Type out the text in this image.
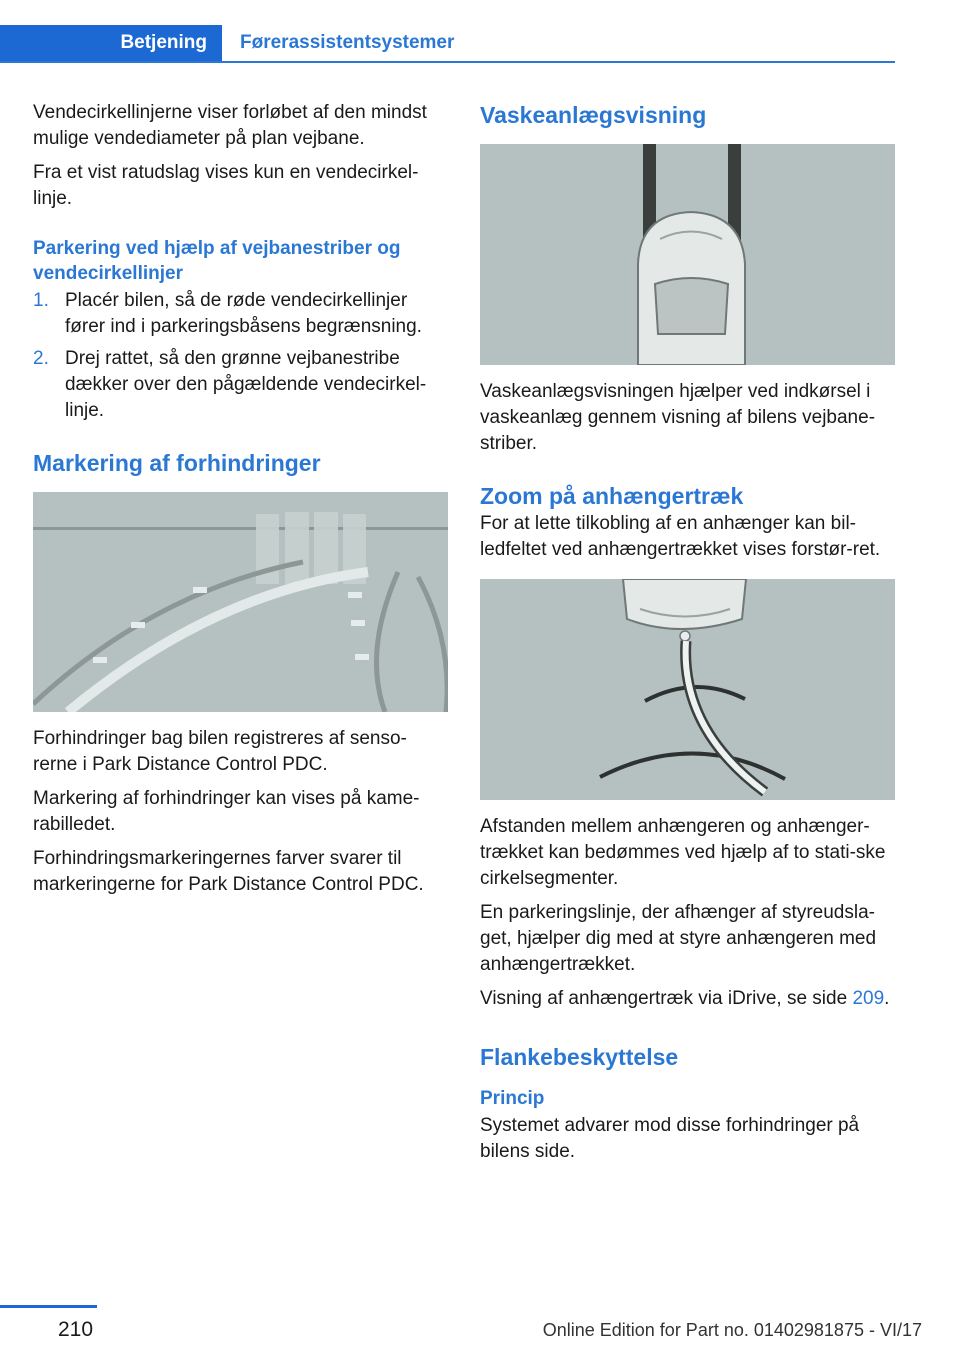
Betjening	Førerassistentsystemer

Vendecirkellinjerne viser forløbet af den mindst mulige vendediameter på plan vejbane.

Fra et vist ratudslag vises kun en vendecirkel-linje.

Parkering ved hjælp af vejbanestriber og vendecirkellinjer
1. Placér bilen, så de røde vendecirkellinjer fører ind i parkeringsbåsens begrænsning.
2. Drej rattet, så den grønne vejbanestribe dækker over den pågældende vendecirkel-linje.
Markering af forhindringer

Forhindringer bag bilen registreres af senso-rerne i Park Distance Control PDC.

Markering af forhindringer kan vises på kame-rabilledet.

Forhindringsmarkeringernes farver svarer til markeringerne for Park Distance Control PDC.

Vaskeanlægsvisning

Vaskeanlægsvisningen hjælper ved indkørsel i vaskeanlæg gennem visning af bilens vejbane-striber.

Zoom på anhængertræk

For at lette tilkobling af en anhænger kan bil-ledfeltet ved anhængertrækket vises forstør-ret.

Afstanden mellem anhængeren og anhænger-trækket kan bedømmes ved hjælp af to stati-ske cirkelsegmenter.

En parkeringslinje, der afhænger af styreudsla-get, hjælper dig med at styre anhængeren med anhængertrækket.

Visning af anhængertræk via iDrive, se side 209.

Flankebeskyttelse
Princip

Systemet advarer mod disse forhindringer på bilens side.

210	Online Edition for Part no. 01402981875 - VI/17
